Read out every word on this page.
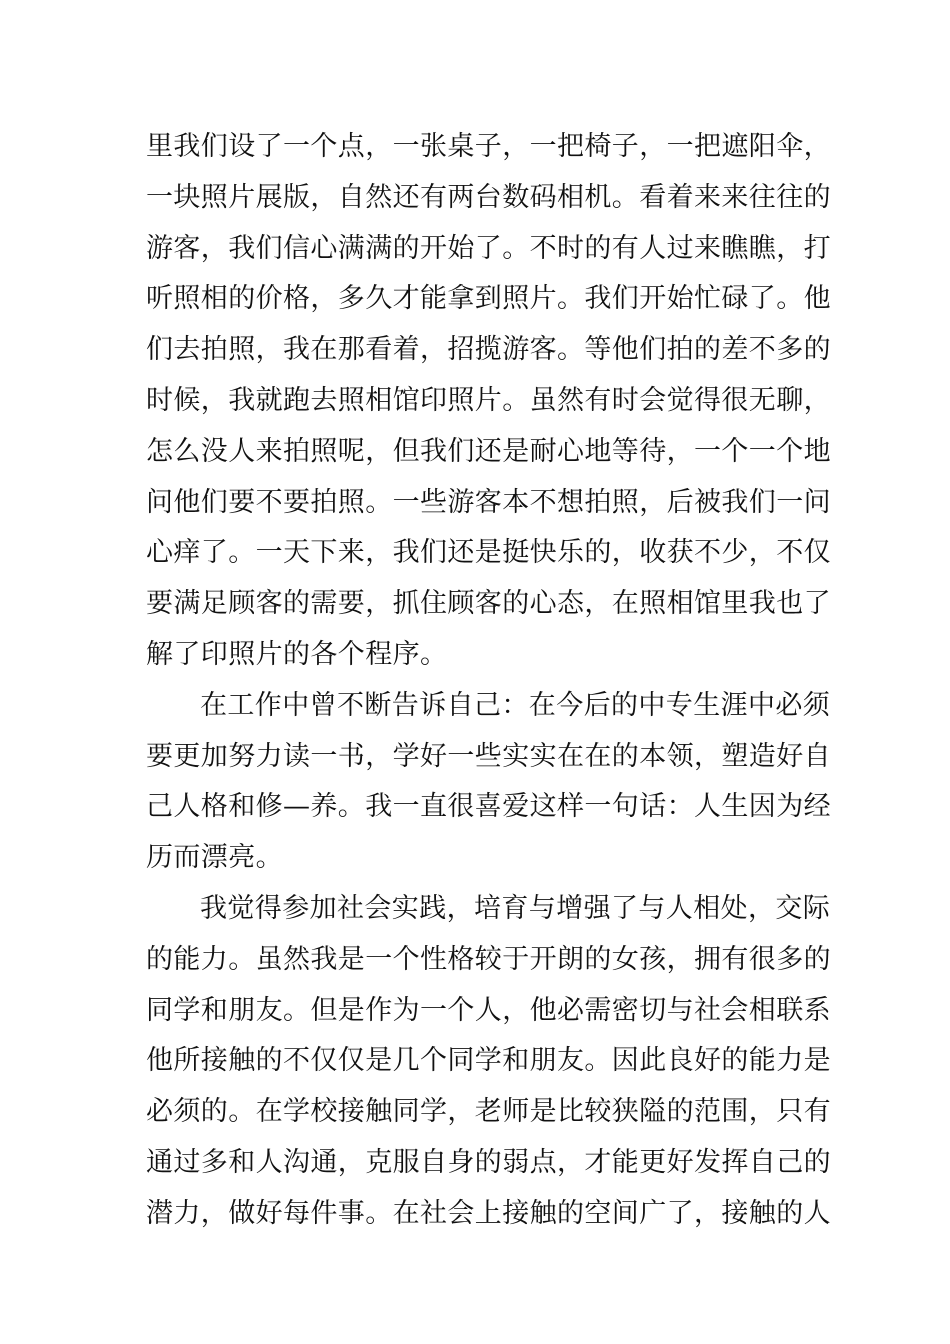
里我们设了一个点，一张桌子，一把椅子，一把遮阳伞，
一块照片展版，自然还有两台数码相机。看着来来往往的
游客，我们信心满满的开始了。不时的有人过来瞧瞧，打
听照相的价格，多久才能拿到照片。我们开始忙碌了。他
们去拍照，我在那看着，招揽游客。等他们拍的差不多的
时候，我就跑去照相馆印照片。虽然有时会觉得很无聊，
怎么没人来拍照呢，但我们还是耐心地等待，一个一个地
问他们要不要拍照。一些游客本不想拍照，后被我们一问
心痒了。一天下来，我们还是挺快乐的，收获不少，不仅
要满足顾客的需要，抓住顾客的心态，在照相馆里我也了
解了印照片的各个程序。
在工作中曾不断告诉自己：在今后的中专生涯中必须
要更加努力读一书，学好一些实实在在的本领，塑造好自
己人格和修—养。我一直很喜爱这样一句话：人生因为经
历而漂亮。
我觉得参加社会实践，培育与增强了与人相处，交际
的能力。虽然我是一个性格较于开朗的女孩，拥有很多的
同学和朋友。但是作为一个人，他必需密切与社会相联系
他所接触的不仅仅是几个同学和朋友。因此良好的能力是
必须的。在学校接触同学，老师是比较狭隘的范围，只有
通过多和人沟通，克服自身的弱点，才能更好发挥自己的
潜力，做好每件事。在社会上接触的空间广了，接触的人
